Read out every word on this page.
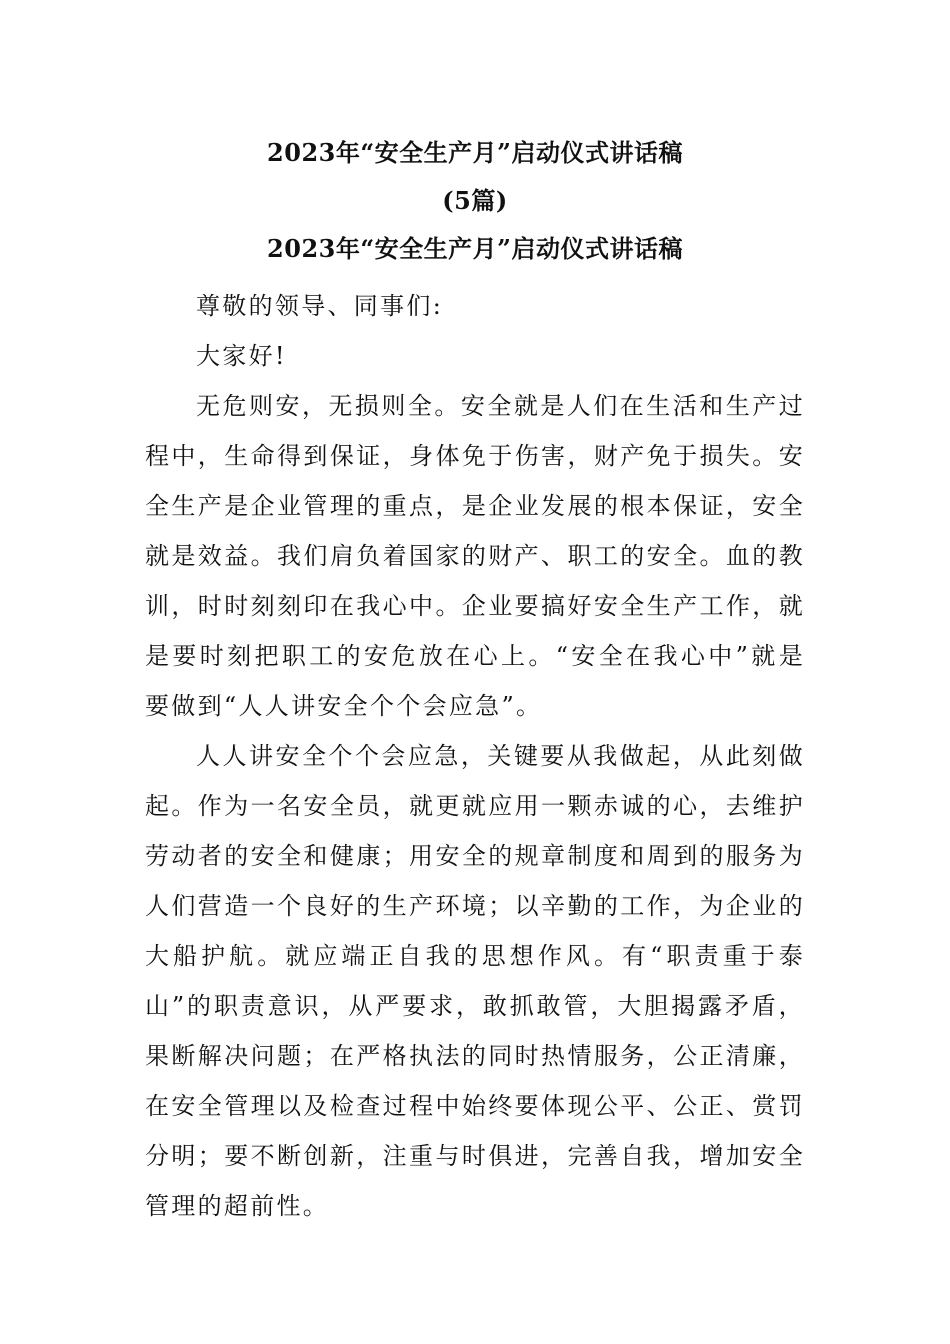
2023年“安全生产月”启动仪式讲话稿
(5篇)
2023年“安全生产月”启动仪式讲话稿

尊敬的领导、同事们:

大家好!

无危则安，无损则全。安全就是人们在生活和生产过程中，生命得到保证，身体免于伤害，财产免于损失。安全生产是企业管理的重点，是企业发展的根本保证，安全就是效益。我们肩负着国家的财产、职工的安全。血的教训，时时刻刻印在我心中。企业要搞好安全生产工作，就是要时刻把职工的安危放在心上。“安全在我心中”就是要做到“人人讲安全个个会应急”。

人人讲安全个个会应急，关键要从我做起，从此刻做起。作为一名安全员，就更就应用一颗赤诚的心，去维护劳动者的安全和健康；用安全的规章制度和周到的服务为人们营造一个良好的生产环境；以辛勤的工作，为企业的大船护航。就应端正自我的思想作风。有“职责重于泰山”的职责意识，从严要求，敢抓敢管，大胆揭露矛盾，果断解决问题；在严格执法的同时热情服务，公正清廉，在安全管理以及检查过程中始终要体现公平、公正、赏罚分明；要不断创新，注重与时俱进，完善自我，增加安全管理的超前性。
